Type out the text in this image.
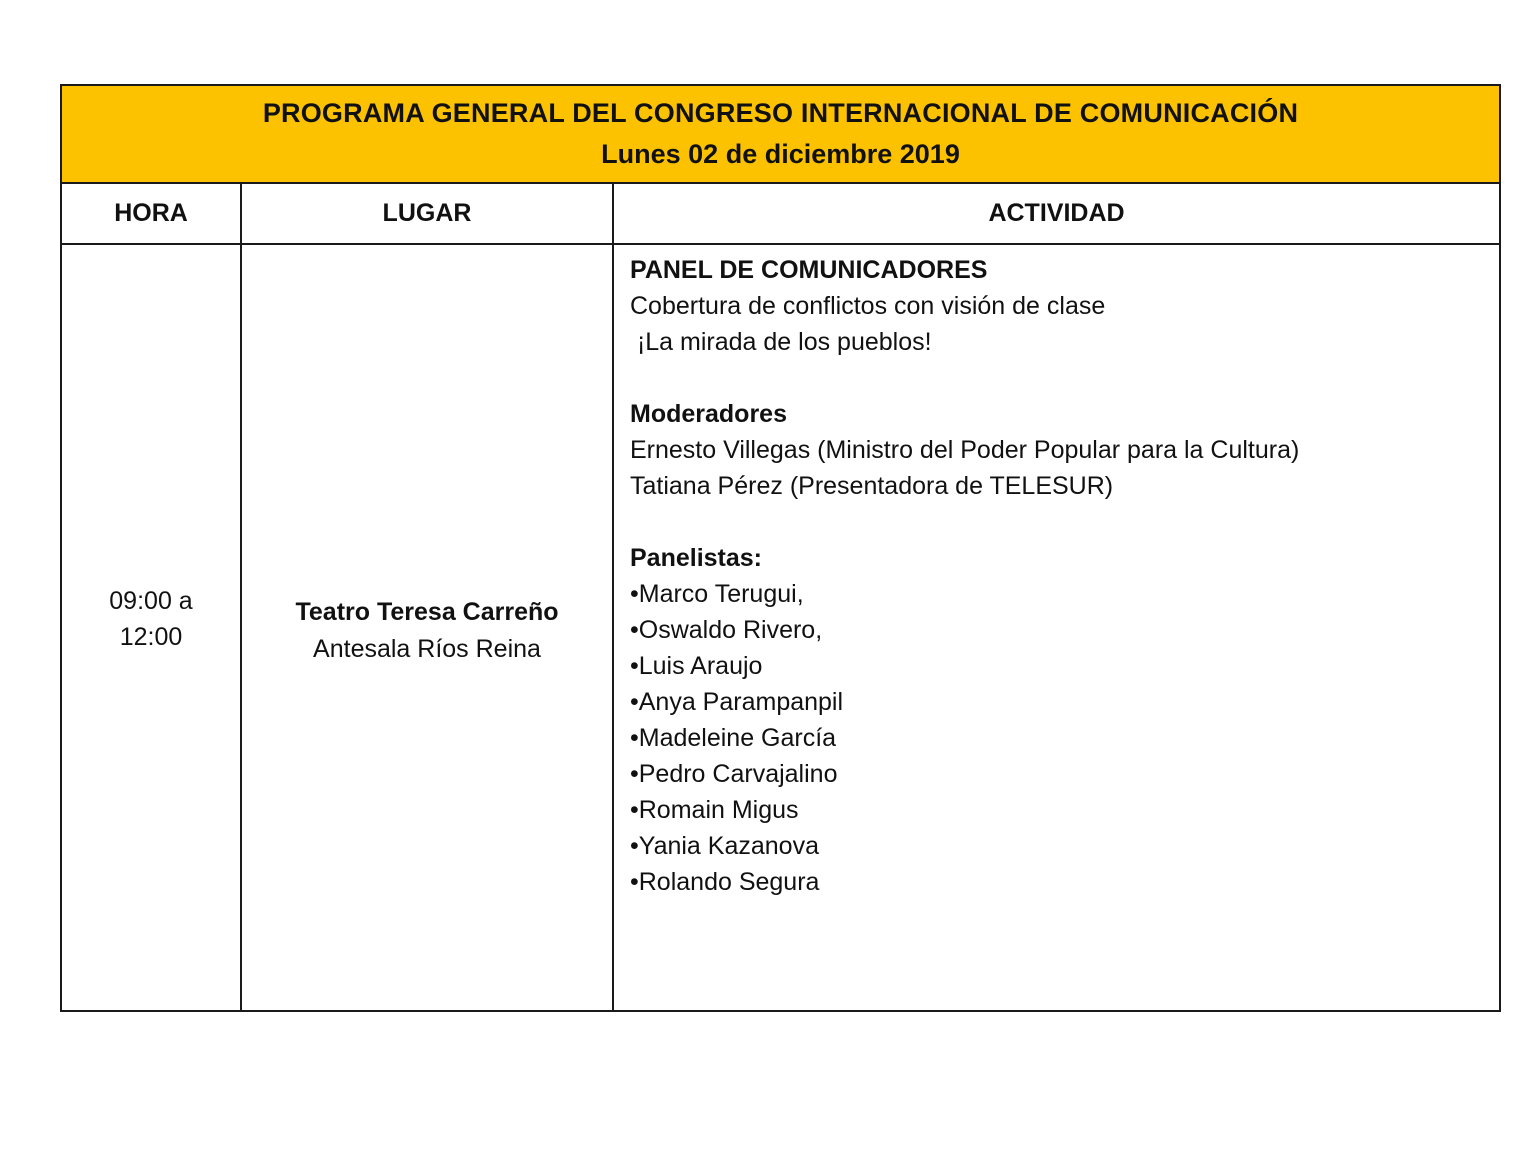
PROGRAMA GENERAL DEL CONGRESO INTERNACIONAL DE COMUNICACIÓN
Lunes 02 de diciembre 2019
HORA	LUGAR	ACTIVIDAD
09:00 a
12:00
Teatro Teresa Carreño
Antesala Ríos Reina
PANEL DE COMUNICADORES
Cobertura de conflictos con visión de clase
¡La mirada de los pueblos!
Moderadores
Ernesto Villegas (Ministro del Poder Popular para la Cultura)
Tatiana Pérez (Presentadora de TELESUR)
Panelistas:
•Marco Terugui,
•Oswaldo Rivero,
•Luis Araujo
•Anya Parampanpil
•Madeleine García
•Pedro Carvajalino
•Romain Migus
•Yania Kazanova
•Rolando Segura
